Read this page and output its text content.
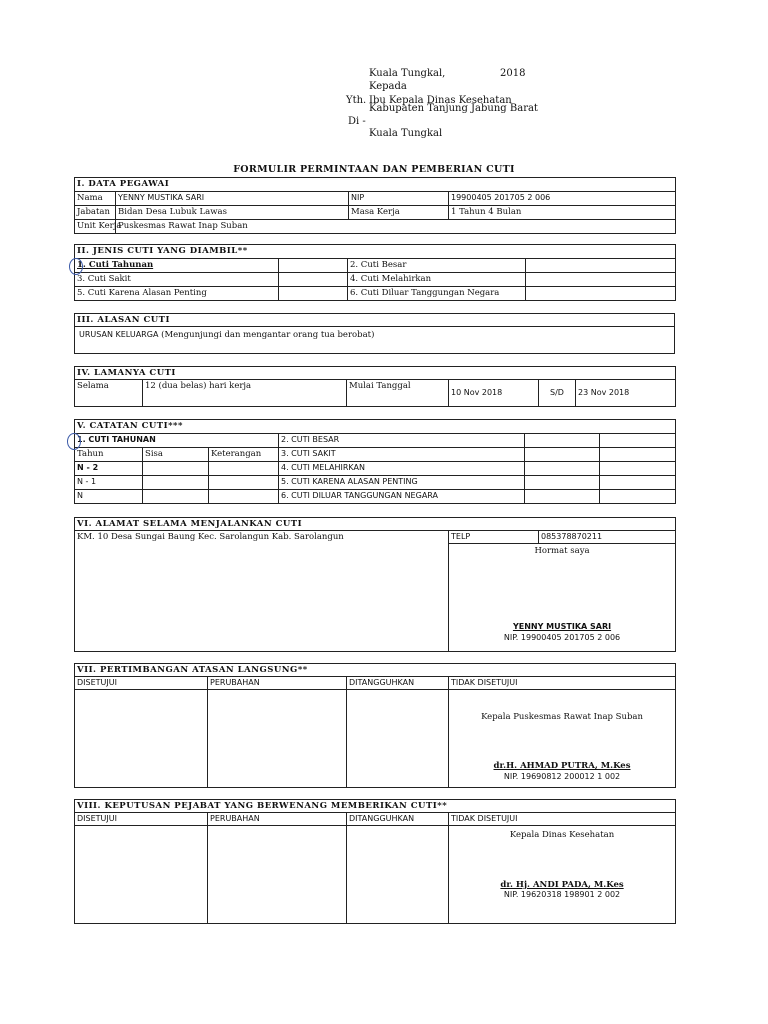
Kuala Tungkal,	2018
Kepada
Yth. Ibu Kepala Dinas Kesehatan
Kabupaten Tanjung Jabung Barat
Di -
Kuala Tungkal
FORMULIR PERMINTAAN DAN PEMBERIAN CUTI
I. DATA PEGAWAI			
Nama	YENNY MUSTIKA SARI	NIP	19900405 201705 2 006
Jabatan	Bidan Desa Lubuk Lawas	Masa Kerja	1 Tahun 4 Bulan
Unit Kerja	Puskesmas Rawat Inap Suban		
II. JENIS CUTI YANG DIAMBIL**			
1. Cuti Tahunan		2. Cuti Besar	
3. Cuti Sakit		4. Cuti Melahirkan	
5. Cuti Karena Alasan Penting		6. Cuti Diluar Tanggungan Negara	
III. ALASAN CUTI
URUSAN KELUARGA (Mengunjungi dan mengantar orang tua berobat)
IV. LAMANYA CUTI
Selama	12 (dua belas) hari kerja	Mulai Tanggal	10 Nov 2018	S/D	23 Nov 2018
V. CATATAN CUTI***					
1. CUTI TAHUNAN			2. CUTI BESAR		
Tahun	Sisa	Keterangan	3. CUTI SAKIT		
N - 2			4. CUTI MELAHIRKAN		
N - 1			5. CUTI KARENA ALASAN PENTING		
N			6. CUTI DILUAR TANGGUNGAN NEGARA		
VI. ALAMAT SELAMA MENJALANKAN CUTI
KM. 10 Desa Sungai Baung Kec. Sarolangun Kab. Sarolangun	TELP	085378870211

Hormat saya
YENNY MUSTIKA SARI
NIP. 19900405 201705 2 006
VII. PERTIMBANGAN ATASAN LANGSUNG**			
DISETUJUI	PERUBAHAN	DITANGGUHKAN	TIDAK DISETUJUI

			Kepala Puskesmas Rawat Inap Suban
dr.H. AHMAD PUTRA, M.Kes
NIP. 19690812 200012 1 002
VIII. KEPUTUSAN PEJABAT YANG BERWENANG MEMBERIKAN CUTI**			
DISETUJUI	PERUBAHAN	DITANGGUHKAN	TIDAK DISETUJUI

			Kepala Dinas Kesehatan
dr. Hj. ANDI PADA, M.Kes
NIP. 19620318 198901 2 002
